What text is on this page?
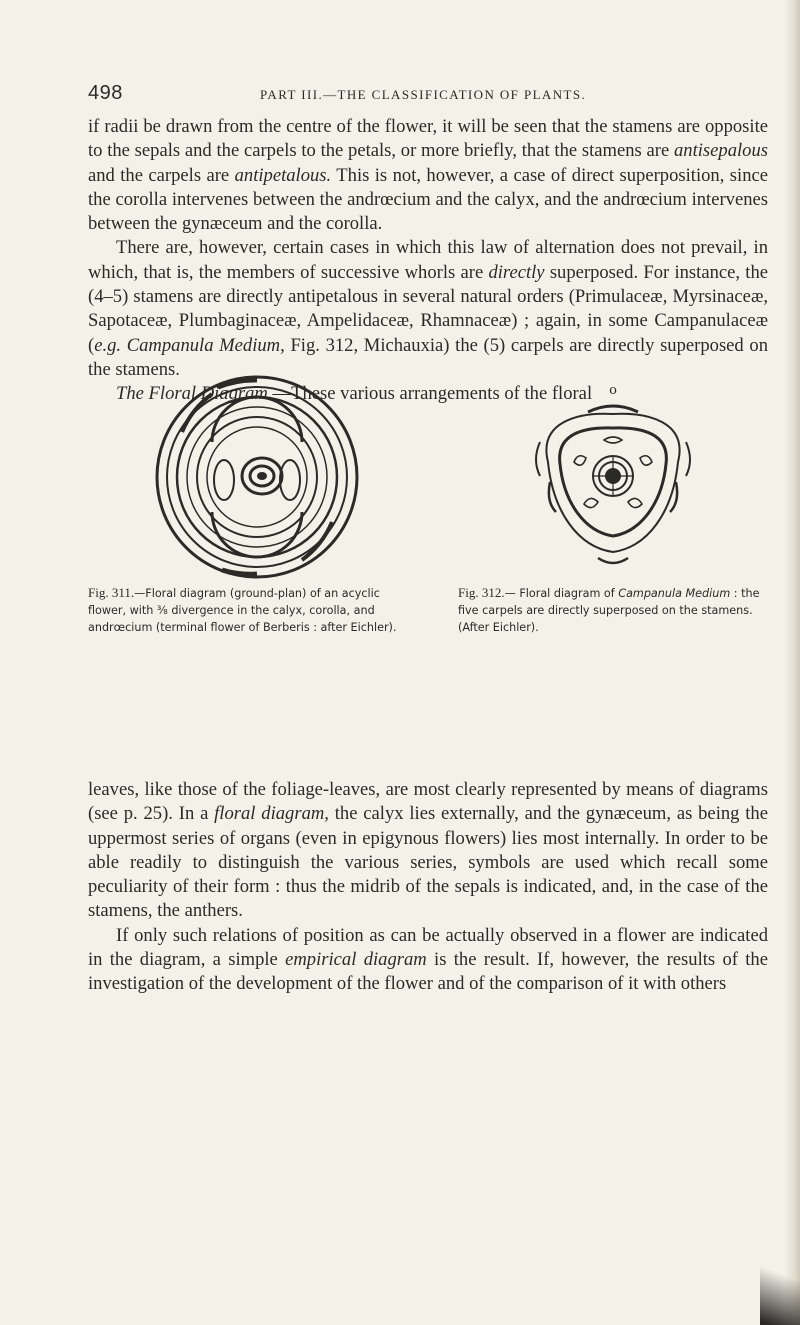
498	PART III.—THE CLASSIFICATION OF PLANTS.

if radii be drawn from the centre of the flower, it will be seen that the stamens are opposite to the sepals and the carpels to the petals, or more briefly, that the stamens are antisepalous and the carpels are antipetalous. This is not, however, a case of direct superposition, since the corolla intervenes between the andrœcium and the calyx, and the andrœcium intervenes between the gynæceum and the corolla.

There are, however, certain cases in which this law of alternation does not prevail, in which, that is, the members of successive whorls are directly superposed. For instance, the (4–5) stamens are directly antipetalous in several natural orders (Primulaceæ, Myrsinaceæ, Sapotaceæ, Plumbaginaceæ, Ampelidaceæ, Rhamnaceæ) ; again, in some Campanulaceæ (e.g. Campanula Medium, Fig. 312, Michauxia) the (5) carpels are directly superposed on the stamens.

The Floral Diagram.—These various arrangements of the floral

Fig. 311.—Floral diagram (ground-plan) of an acyclic flower, with ⅜ divergence in the calyx, corolla, and andrœcium (terminal flower of Berberis : after Eichler).
o
Fig. 312.— Floral diagram of Campanula Medium : the five carpels are directly superposed on the stamens. (After Eichler).

leaves, like those of the foliage-leaves, are most clearly represented by means of diagrams (see p. 25). In a floral diagram, the calyx lies externally, and the gynæceum, as being the uppermost series of organs (even in epigynous flowers) lies most internally. In order to be able readily to distinguish the various series, symbols are used which recall some peculiarity of their form : thus the midrib of the sepals is indicated, and, in the case of the stamens, the anthers.

If only such relations of position as can be actually observed in a flower are indicated in the diagram, a simple empirical diagram is the result. If, however, the results of the investigation of the development of the flower and of the comparison of it with others
